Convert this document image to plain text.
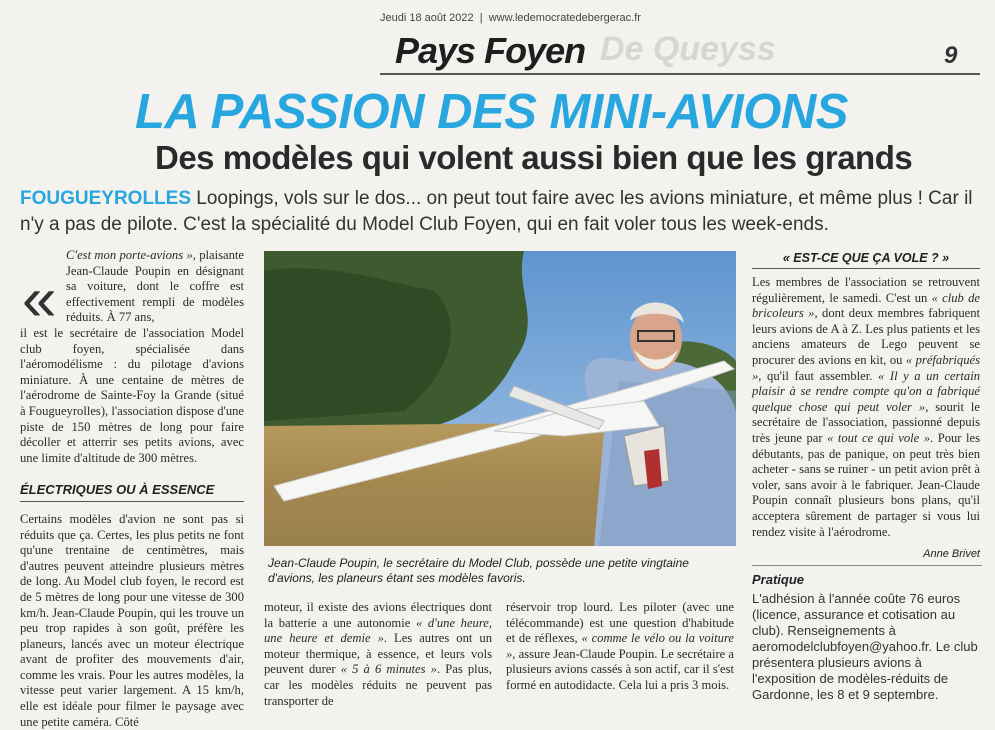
Jeudi 18 août 2022 | www.ledemocratedebergerac.fr
De Queyss
Pays Foyen	9
LA PASSION DES MINI-AVIONS
Des modèles qui volent aussi bien que les grands
FOUGUEYROLLES Loopings, vols sur le dos... on peut tout faire avec les avions miniature, et même plus ! Car il n'y a pas de pilote. C'est la spécialité du Model Club Foyen, qui en fait voler tous les week-ends.
«

C'est mon porte-avions », plaisante Jean-Claude Poupin en désignant sa voiture, dont le coffre est effectivement rempli de modèles réduits. À 77 ans,

il est le secrétaire de l'association Model club foyen, spécialisée dans l'aéromodélisme : du pilotage d'avions miniature. À une centaine de mètres de l'aérodrome de Sainte-Foy la Grande (situé à Fougueyrolles), l'association dispose d'une piste de 150 mètres de long pour faire décoller et atterrir ses petits avions, avec une limite d'altitude de 300 mètres.

ÉLECTRIQUES OU À ESSENCE

Certains modèles d'avion ne sont pas si réduits que ça. Certes, les plus petits ne font qu'une trentaine de centimètres, mais d'autres peuvent atteindre plusieurs mètres de long. Au Model club foyen, le record est de 5 mètres de long pour une vitesse de 300 km/h. Jean-Claude Poupin, qui les trouve un peu trop rapides à son goût, préfère les planeurs, lancés avec un moteur électrique avant de profiter des mouvements d'air, comme les vrais. Pour les autres modèles, la vitesse peut varier largement. A 15 km/h, elle est idéale pour filmer le paysage avec une petite caméra. Côté

Jean-Claude Poupin, le secrétaire du Model Club, possède une petite vingtaine d'avions, les planeurs étant ses modèles favoris.

moteur, il existe des avions électriques dont la batterie a une autonomie « d'une heure, une heure et demie ». Les autres ont un moteur thermique, à essence, et leurs vols peuvent durer « 5 à 6 minutes ». Pas plus, car les modèles réduits ne peuvent pas transporter de

réservoir trop lourd. Les piloter (avec une télécommande) est une question d'habitude et de réflexes, « comme le vélo ou la voiture », assure Jean-Claude Poupin. Le secrétaire a plusieurs avions cassés à son actif, car il s'est formé en autodidacte. Cela lui a pris 3 mois.

« EST-CE QUE ÇA VOLE ? »

Les membres de l'association se retrouvent régulièrement, le samedi. C'est un « club de bricoleurs », dont deux membres fabriquent leurs avions de A à Z. Les plus patients et les anciens amateurs de Lego peuvent se procurer des avions en kit, ou « préfabriqués », qu'il faut assembler. « Il y a un certain plaisir à se rendre compte qu'on a fabriqué quelque chose qui peut voler », sourit le secrétaire de l'association, passionné depuis très jeune par « tout ce qui vole ». Pour les débutants, pas de panique, on peut très bien acheter - sans se ruiner - un petit avion prêt à voler, sans avoir à le fabriquer. Jean-Claude Poupin connaît plusieurs bons plans, qu'il acceptera sûrement de partager si vous lui rendez visite à l'aérodrome.

Anne Brivet
Pratique
L'adhésion à l'année coûte 76 euros (licence, assurance et cotisation au club). Renseignements à aeromodelclubfoyen@yahoo.fr. Le club présentera plusieurs avions à l'exposition de modèles-réduits de Gardonne, les 8 et 9 septembre.
